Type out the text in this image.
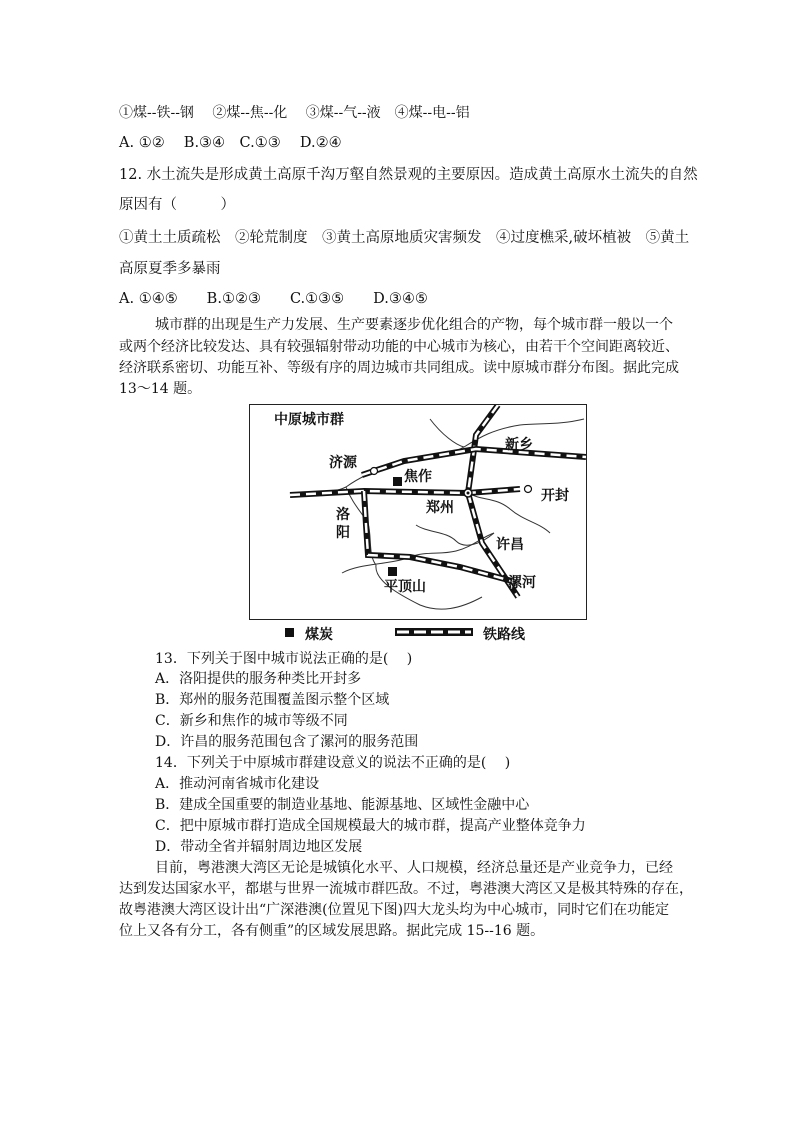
①煤--铁--钢　 ②煤--焦--化　 ③煤--气--液　④煤--电--铝
A. ①②　 B.③④　C.①③　 D.②④
12. 水土流失是形成黄土高原千沟万壑自然景观的主要原因。造成黄土高原水土流失的自然
原因有（　　　）
①黄土土质疏松　②轮荒制度　③黄土高原地质灾害频发　④过度樵采,破坏植被　⑤黄土
高原夏季多暴雨
A. ①④⑤　　B.①②③　　C.①③⑤　　D.③④⑤
城市群的出现是生产力发展、生产要素逐步优化组合的产物，每个城市群一般以一个
或两个经济比较发达、具有较强辐射带动功能的中心城市为核心，由若干个空间距离较近、
经济联系密切、功能互补、等级有序的周边城市共同组成。读中原城市群分布图。据此完成
13～14 题。
中原城市群
济源
焦作
新乡
开封
郑州
洛
阳
许昌
漯河
平顶山
煤炭	铁路线
13．下列关于图中城市说法正确的是(　 )
A．洛阳提供的服务种类比开封多
B．郑州的服务范围覆盖图示整个区域
C．新乡和焦作的城市等级不同
D．许昌的服务范围包含了漯河的服务范围
14．下列关于中原城市群建设意义的说法不正确的是(　 )
A．推动河南省城市化建设
B．建成全国重要的制造业基地、能源基地、区域性金融中心
C．把中原城市群打造成全国规模最大的城市群，提高产业整体竞争力
D．带动全省并辐射周边地区发展
目前，粤港澳大湾区无论是城镇化水平、人口规模，经济总量还是产业竞争力，已经
达到发达国家水平，都堪与世界一流城市群匹敌。不过，粤港澳大湾区又是极其特殊的存在，
故粤港澳大湾区设计出“广深港澳(位置见下图)四大龙头均为中心城市，同时它们在功能定
位上又各有分工，各有侧重”的区域发展思路。据此完成 15--16 题。
